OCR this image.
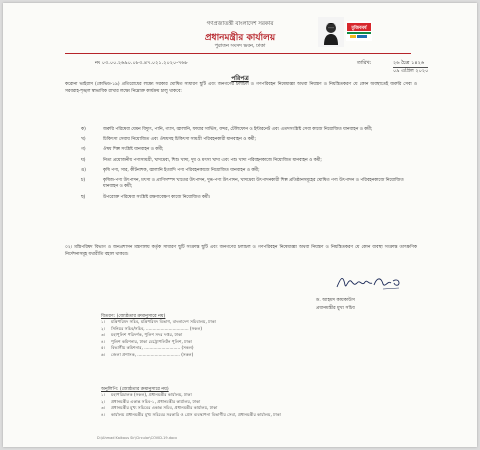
গণপ্রজাতন্ত্রী বাংলাদেশ সরকার
প্রধানমন্ত্রীর কার্যালয়
পুরাতন সংসদ ভবন, ঢাকা
মুজিববর্ষ
নং ০৩.০০.২৬৯০.০৮৩.৪৭.০২১.২০২০-৭৬৮	তারিখ:	২৬ চৈত্র ১৪২৬
০৯ এপ্রিল ২০২০
পরিপত্র
করোনা ভাইরাস (কোভিড-১৯) প্রতিরোধের লক্ষ্যে সরকার ঘোষিত সাধারণ ছুটি এবং জনগণের চলাচল ও গণপরিবহন নিষেধাজ্ঞা অথবা নিয়ন্ত্রণ ও নিয়ন্ত্রিতকরণ যে কোন অবস্থাতেই জরুরি সেবা ও সরবরাহ-শৃঙ্খল স্বাভাবিক রাখার লক্ষ্যে নিম্নোক্ত কার্যক্রম চালু থাকবে:
ক)	জরুরি পরিষেবা যেমন বিদ্যুৎ, পানি, গ্যাস, জ্বালানি, ফায়ার সার্ভিস, বন্দর, টেলিফোন ও ইন্টারনেট এবং এতদসংশ্লিষ্ট সেবা কাজে নিয়োজিত যানবাহন ও কর্মী;
খ)	চিকিৎসা সেবায় নিয়োজিত এবং ঔষধসহ চিকিৎসা সামগ্রী পরিবহনকারী যানবাহন ও কর্মী;
গ)	ঔষধ শিল্প সংশ্লিষ্ট যানবাহন ও কর্মী;
ঘ)	নিত্য প্রয়োজনীয় পণ্যসামগ্রী, খাদ্যদ্রব্য, শিশু খাদ্য, দুধ ও মৎস্য খাদ্য এবং পশু খাদ্য পরিবহনকাজে নিয়োজিত যানবাহন ও কর্মী;
ঙ)	কৃষি পণ্য, সার, কীটনাশক, জ্বালানি ইত্যাদি পণ্য পরিবহনকাজে নিয়োজিত যানবাহন ও কর্মী;
চ)	কৃষিজ-পণ্য উৎপাদন, মৎস্য ও প্রাণিসম্পদ খাতের উৎপাদন, দুগ্ধ-পণ্য উৎপাদন, খাদ্যদ্রব্য উৎপাদনকারী শিল্প প্রতিষ্ঠানসমূহের ঘোষিত পণ্য উৎপাদন ও পরিবহনকাজে নিয়োজিত যানবাহন ও কর্মী;
ছ)	উপরোক্ত পরিষেবা সংশ্লিষ্ট রক্ষণাবেক্ষণ কাজে নিয়োজিত কর্মী।
০২। মন্ত্রিপরিষদ বিভাগ ও জনপ্রশাসন মন্ত্রণালয় কর্তৃক সাধারণ ছুটি সংক্রান্ত ছুটি এবং জনগণের চলাচল ও গণপরিবহন নিষেধাজ্ঞা অথবা নিয়ন্ত্রণ ও নিয়ন্ত্রিতকরণ যে কোন ব্যবস্থা সংক্রান্ত তাৎক্ষণিক নির্দেশনাসমূহ যথারীতি বহাল থাকবে।
ড. আহমদ কায়কাউস
প্রধানমন্ত্রীর মুখ্য সচিব
বিতরণ: (জ্যেষ্ঠতার ক্রমানুসারে নয়)
১।	মন্ত্রিপরিষদ সচিব, মন্ত্রিপরিষদ বিভাগ, বাংলাদেশ সচিবালয়, ঢাকা
২।	সিনিয়র সচিব/সচিব, ................................ (সকল)
৩।	মহাপুলিশ পরিদর্শক, পুলিশ সদর দপ্তর, ঢাকা
৪।	পুলিশ কমিশনার, ঢাকা মেট্রোপলিটন পুলিশ, ঢাকা
৫।	বিভাগীয় কমিশনার, ........................... (সকল)
৬।	জেলা প্রশাসক, ................................ (সকল)
অনুলিপি: (জ্যেষ্ঠতার ক্রমানুসারে নয়)
১।	মহাপরিচালক (সকল), প্রধানমন্ত্রীর কার্যালয়, ঢাকা
২।	প্রধানমন্ত্রীর একান্ত সচিব-১, প্রধানমন্ত্রীর কার্যালয়, ঢাকা
৩।	প্রধানমন্ত্রীর মুখ্য সচিবের একান্ত সচিব, প্রধানমন্ত্রীর কার্যালয়, ঢাকা
৪।	কার্যালয় প্রধানমন্ত্রীর মুখ্য সচিবের সরকারি ও প্রেস ব্যবস্থাপনা বিভাগীয় সেবা, প্রধানমন্ত্রীর কার্যালয়, ঢাকা
D:\Ahmad Kaikaus Sir\Circular\COVID-19.docx
